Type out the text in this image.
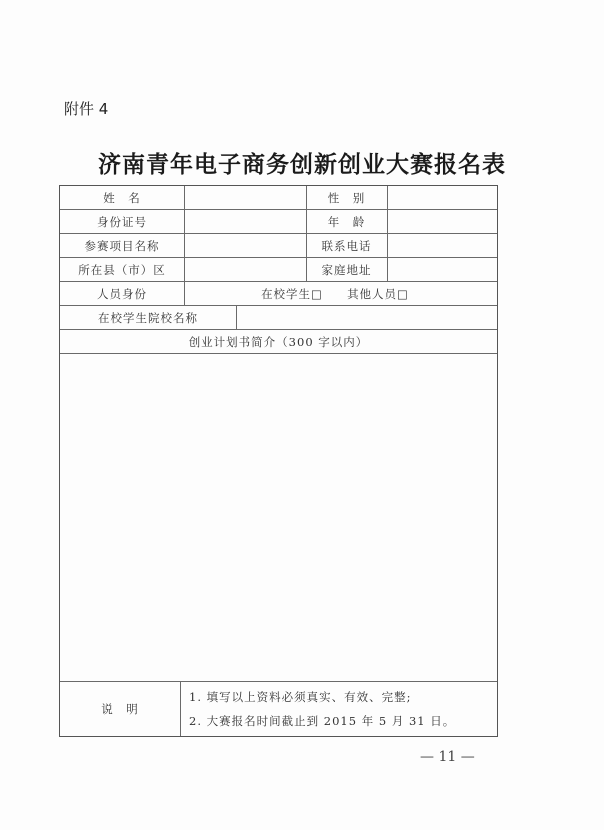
附件 4
济南青年电子商务创新创业大赛报名表
姓　名	性　别
身份证号	年　龄
参赛项目名称	联系电话
所在县（市）区	家庭地址
人员身份	在校学生□	其他人员□
在校学生院校名称
创业计划书简介（300 字以内）
说　明
1. 填写以上资料必须真实、有效、完整;
2. 大赛报名时间截止到 2015 年 5 月 31 日。
— 11 —
